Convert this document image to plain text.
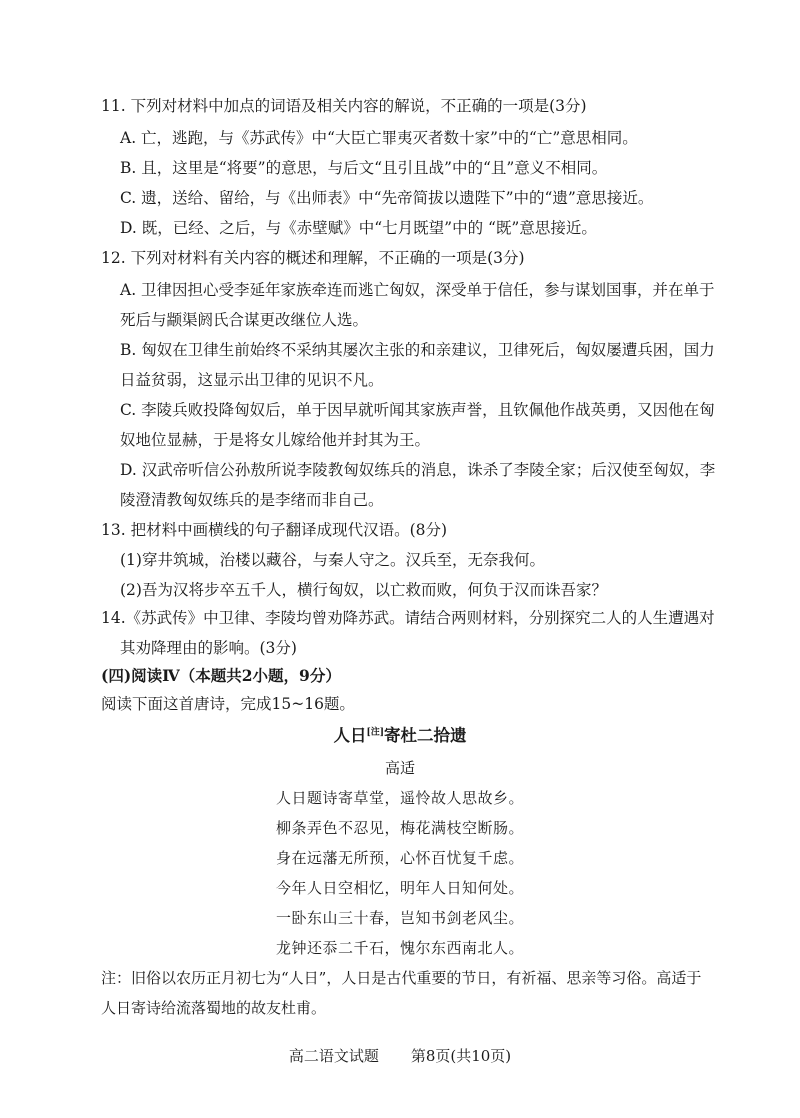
11. 下列对材料中加点的词语及相关内容的解说，不正确的一项是(3分)
A. 亡，逃跑，与《苏武传》中“大臣亡罪夷灭者数十家”中的“亡”意思相同。
B. 且，这里是“将要”的意思，与后文“且引且战”中的“且”意义不相同。
C. 遗，送给、留给，与《出师表》中“先帝简拔以遗陛下”中的“遗”意思接近。
D. 既，已经、之后，与《赤壁赋》中“七月既望”中的 “既”意思接近。
12. 下列对材料有关内容的概述和理解，不正确的一项是(3分)
A. 卫律因担心受李延年家族牵连而逃亡匈奴，深受单于信任，参与谋划国事，并在单于
死后与颛渠阏氏合谋更改继位人选。
B. 匈奴在卫律生前始终不采纳其屡次主张的和亲建议，卫律死后，匈奴屡遭兵困，国力
日益贫弱，这显示出卫律的见识不凡。
C. 李陵兵败投降匈奴后，单于因早就听闻其家族声誉，且钦佩他作战英勇，又因他在匈
奴地位显赫，于是将女儿嫁给他并封其为王。
D. 汉武帝听信公孙敖所说李陵教匈奴练兵的消息，诛杀了李陵全家；后汉使至匈奴，李
陵澄清教匈奴练兵的是李绪而非自己。
13. 把材料中画横线的句子翻译成现代汉语。(8分)
(1)穿井筑城，治楼以藏谷，与秦人守之。汉兵至，无奈我何。
(2)吾为汉将步卒五千人，横行匈奴，以亡救而败，何负于汉而诛吾家？
14.《苏武传》中卫律、李陵均曾劝降苏武。请结合两则材料，分别探究二人的人生遭遇对
其劝降理由的影响。(3分)
(四)阅读Ⅳ（本题共2小题，9分）
阅读下面这首唐诗，完成15~16题。
人日[注]寄杜二拾遗
高适
人日题诗寄草堂，遥怜故人思故乡。
柳条弄色不忍见，梅花满枝空断肠。
身在远藩无所预，心怀百忧复千虑。
今年人日空相忆，明年人日知何处。
一卧东山三十春，岂知书剑老风尘。
龙钟还忝二千石，愧尔东西南北人。
注：旧俗以农历正月初七为“人日”，人日是古代重要的节日，有祈福、思亲等习俗。高适于
人日寄诗给流落蜀地的故友杜甫。
高二语文试题 第8页(共10页)
